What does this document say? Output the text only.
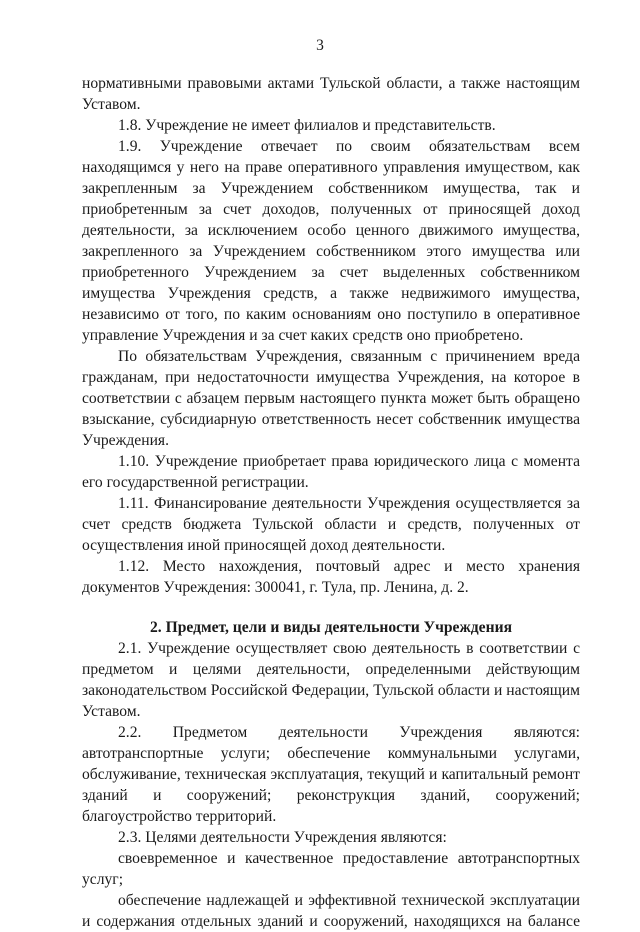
3

нормативными правовыми актами Тульской области, а также настоящим Уставом.

1.8. Учреждение не имеет филиалов и представительств.

1.9. Учреждение отвечает по своим обязательствам всем находящимся у него на праве оперативного управления имуществом, как закрепленным за Учреждением собственником имущества, так и приобретенным за счет доходов, полученных от приносящей доход деятельности, за исключением особо ценного движимого имущества, закрепленного за Учреждением собственником этого имущества или приобретенного Учреждением за счет выделенных собственником имущества Учреждения средств, а также недвижимого имущества, независимо от того, по каким основаниям оно поступило в оперативное управление Учреждения и за счет каких средств оно приобретено.

По обязательствам Учреждения, связанным с причинением вреда гражданам, при недостаточности имущества Учреждения, на которое в соответствии с абзацем первым настоящего пункта может быть обращено взыскание, субсидиарную ответственность несет собственник имущества Учреждения.

1.10. Учреждение приобретает права юридического лица с момента его государственной регистрации.

1.11. Финансирование деятельности Учреждения осуществляется за счет средств бюджета Тульской области и средств, полученных от осуществления иной приносящей доход деятельности.

1.12. Место нахождения, почтовый адрес и место хранения документов Учреждения: 300041, г. Тула, пр. Ленина, д. 2.

2. Предмет, цели и виды деятельности Учреждения

2.1. Учреждение осуществляет свою деятельность в соответствии с предметом и целями деятельности, определенными действующим законодательством Российской Федерации, Тульской области и настоящим Уставом.

2.2. Предметом деятельности Учреждения являются: автотранспортные услуги; обеспечение коммунальными услугами, обслуживание, техническая эксплуатация, текущий и капитальный ремонт зданий и сооружений; реконструкция зданий, сооружений; благоустройство территорий.

2.3. Целями деятельности Учреждения являются:

своевременное и качественное предоставление автотранспортных услуг;

обеспечение надлежащей и эффективной технической эксплуатации и содержания отдельных зданий и сооружений, находящихся на балансе
